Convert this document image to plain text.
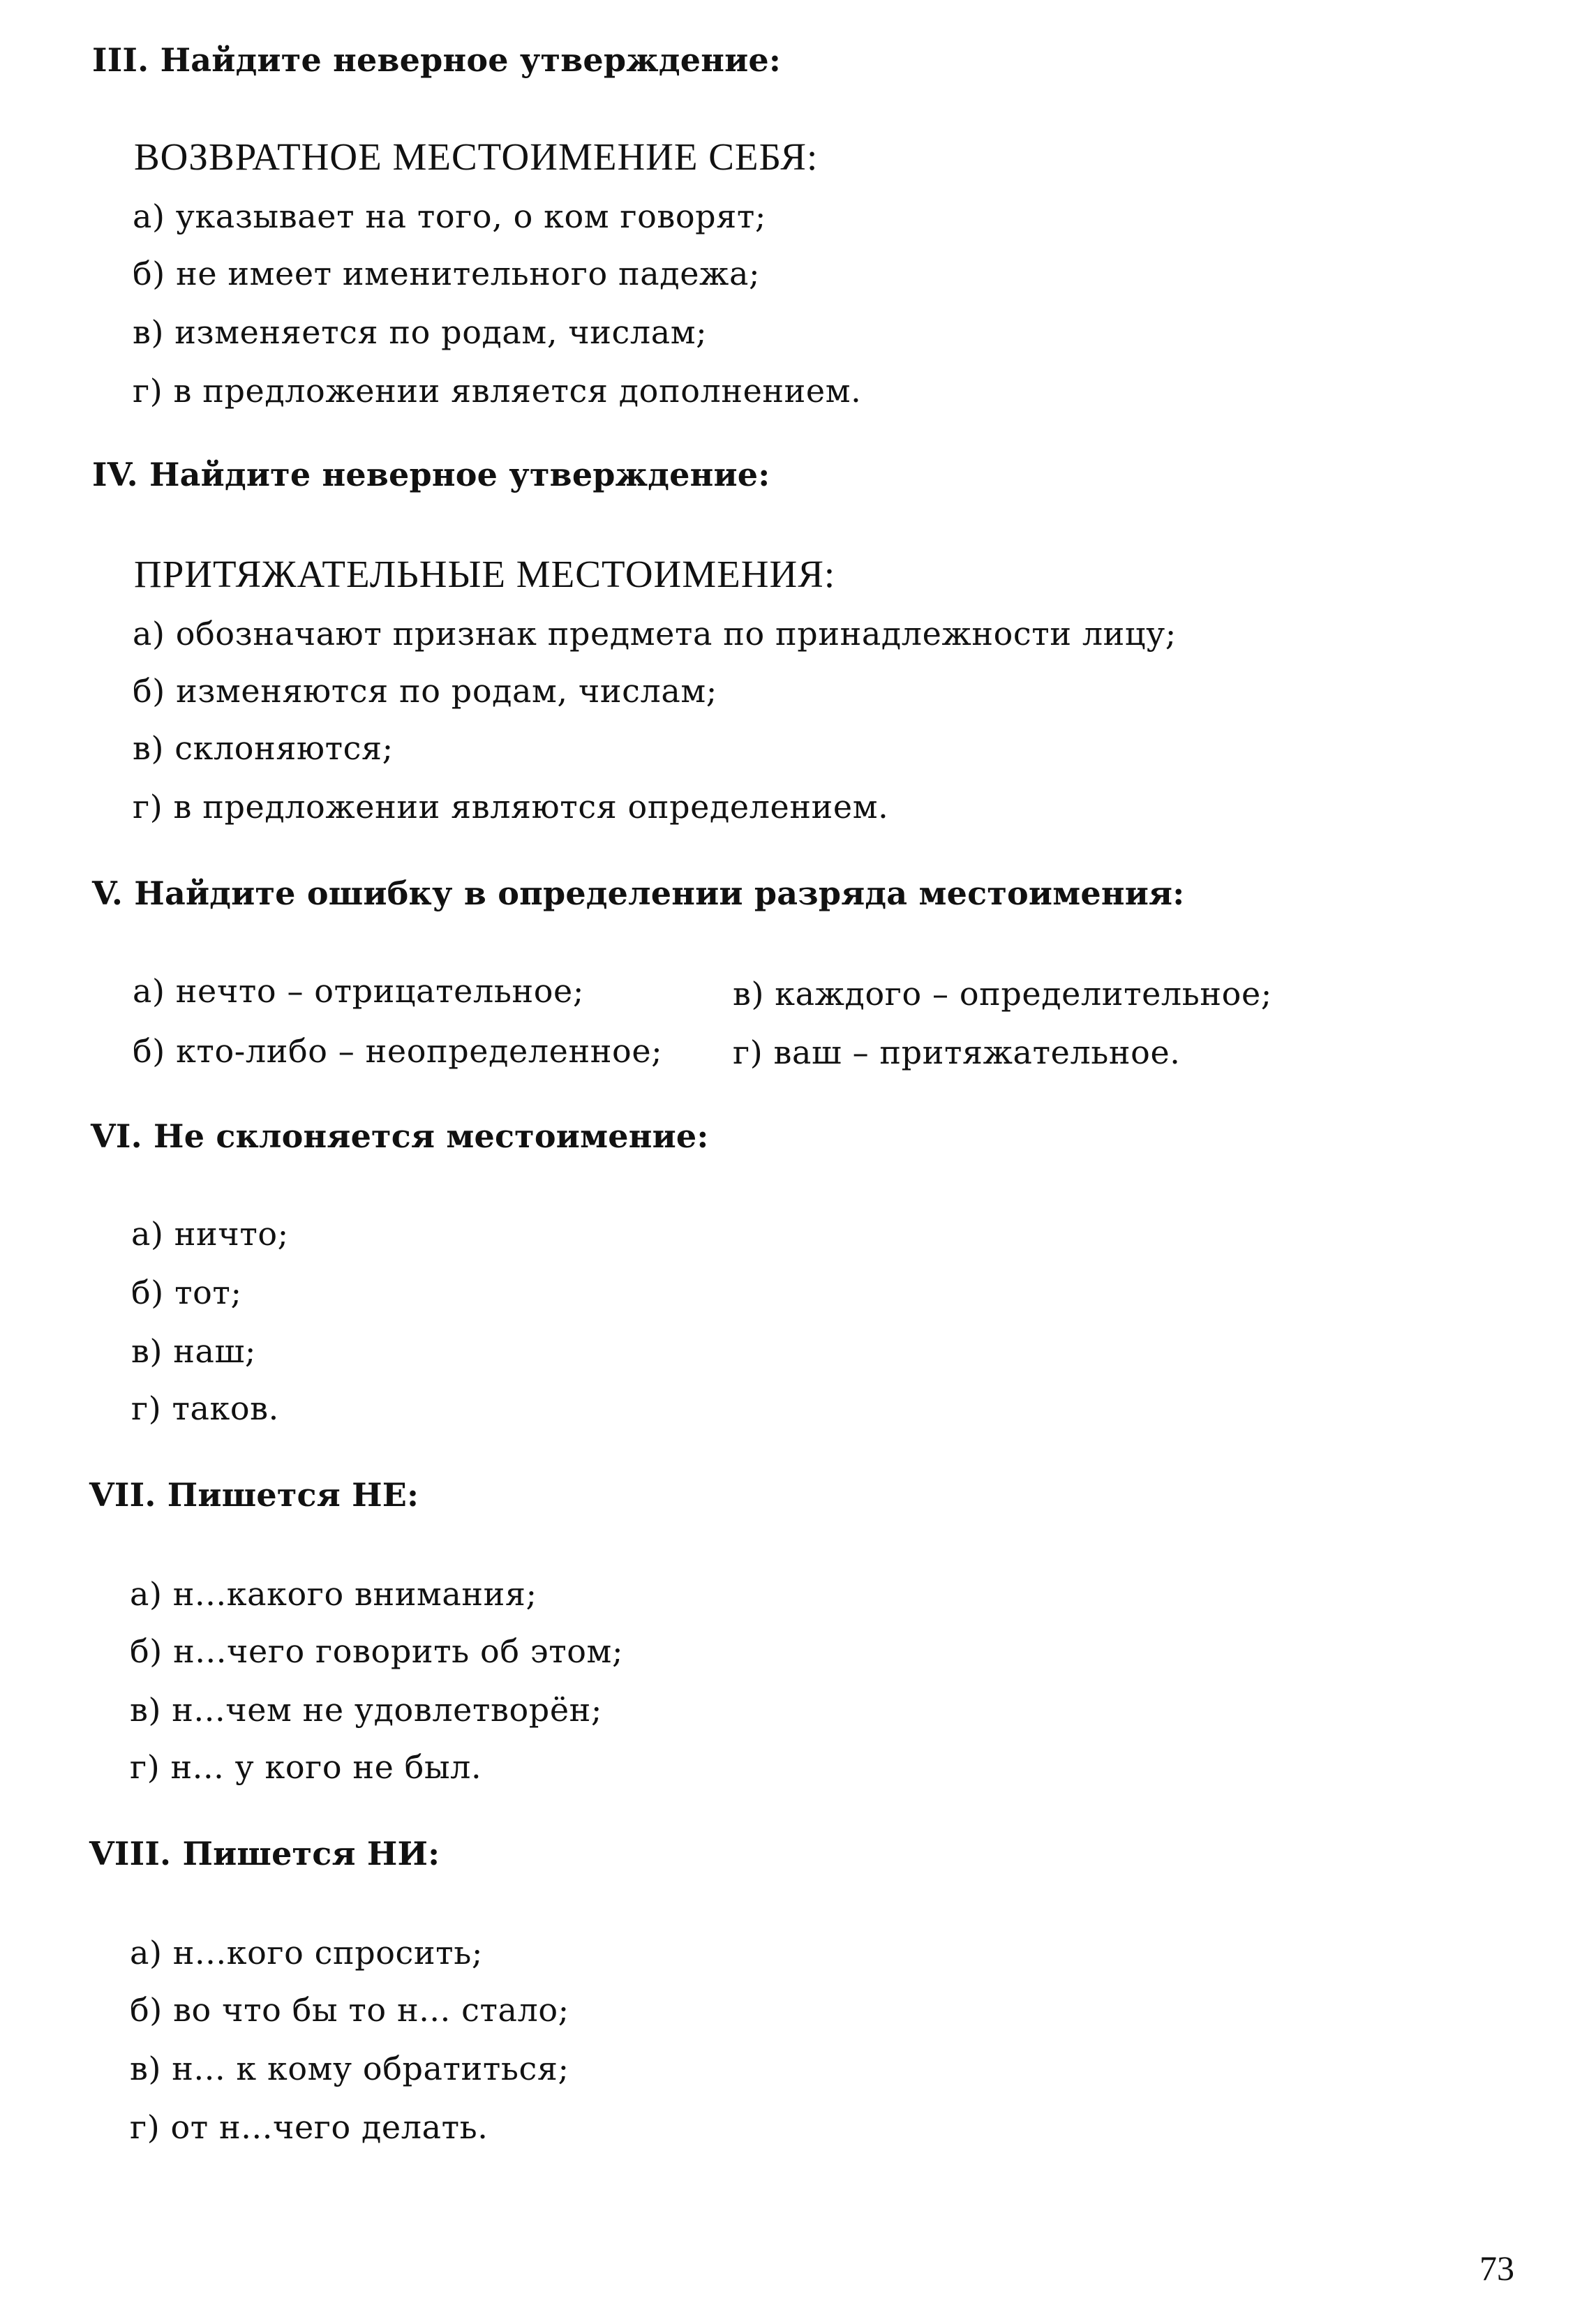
III. Найдите неверное утверждение:
ВОЗВРАТНОЕ МЕСТОИМЕНИЕ СЕБЯ:
а) указывает на того, о ком говорят;
б) не имеет именительного падежа;
в) изменяется по родам, числам;
г) в предложении является дополнением.
IV. Найдите неверное утверждение:
ПРИТЯЖАТЕЛЬНЫЕ МЕСТОИМЕНИЯ:
а) обозначают признак предмета по принадлежности лицу;
б) изменяются по родам, числам;
в) склоняются;
г) в предложении являются определением.
V. Найдите ошибку в определении разряда местоимения:
а) нечто – отрицательное;
б) кто-либо – неопределенное;
в) каждого – определительное;
г) ваш – притяжательное.
VI. Не склоняется местоимение:
а) ничто;
б) тот;
в) наш;
г) таков.
VII. Пишется НЕ:
а) н...какого внимания;
б) н...чего говорить об этом;
в) н...чем не удовлетворён;
г) н... у кого не был.
VIII. Пишется НИ:
а) н...кого спросить;
б) во что бы то н... стало;
в) н... к кому обратиться;
г) от н...чего делать.
73
